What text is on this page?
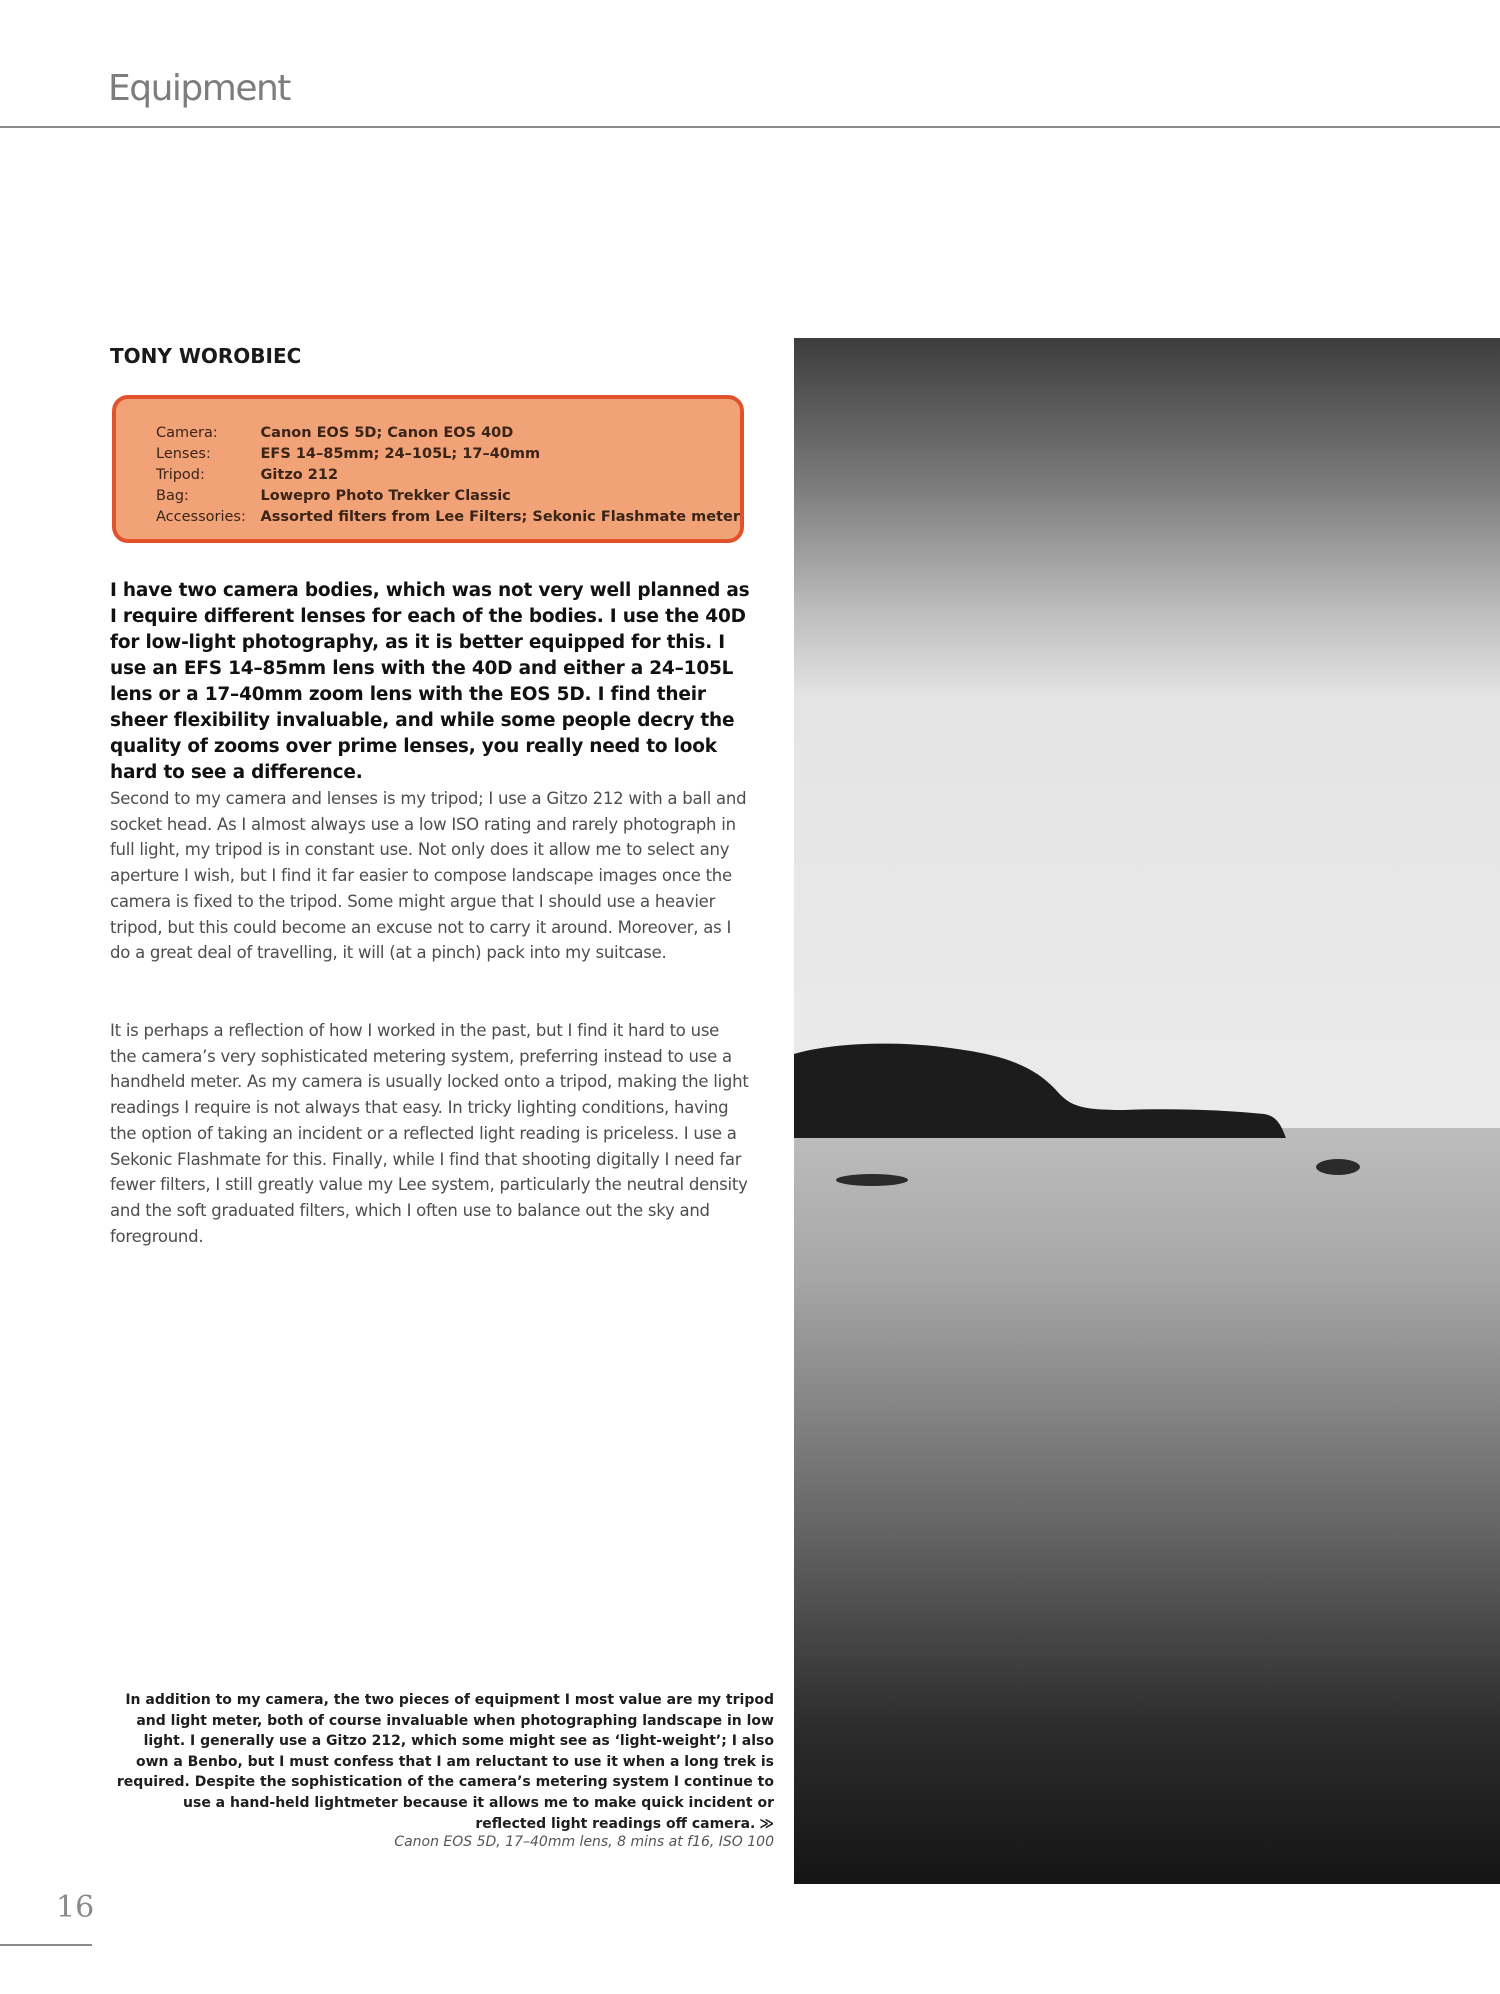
Equipment
TONY WOROBIEC
Camera:	Canon EOS 5D; Canon EOS 40D
Lenses:	EFS 14–85mm; 24–105L; 17–40mm
Tripod:	Gitzo 212
Bag:	Lowepro Photo Trekker Classic
Accessories:	Assorted filters from Lee Filters; Sekonic Flashmate meter

I have two camera bodies, which was not very well planned as I require different lenses for each of the bodies. I use the 40D for low-light photography, as it is better equipped for this. I use an EFS 14–85mm lens with the 40D and either a 24–105L lens or a 17–40mm zoom lens with the EOS 5D. I find their sheer flexibility invaluable, and while some people decry the quality of zooms over prime lenses, you really need to look hard to see a difference.

Second to my camera and lenses is my tripod; I use a Gitzo 212 with a ball and socket head. As I almost always use a low ISO rating and rarely photograph in full light, my tripod is in constant use. Not only does it allow me to select any aperture I wish, but I find it far easier to compose landscape images once the camera is fixed to the tripod. Some might argue that I should use a heavier tripod, but this could become an excuse not to carry it around. Moreover, as I do a great deal of travelling, it will (at a pinch) pack into my suitcase.

It is perhaps a reflection of how I worked in the past, but I find it hard to use the camera’s very sophisticated metering system, preferring instead to use a handheld meter. As my camera is usually locked onto a tripod, making the light readings I require is not always that easy. In tricky lighting conditions, having the option of taking an incident or a reflected light reading is priceless. I use a Sekonic Flashmate for this. Finally, while I find that shooting digitally I need far fewer filters, I still greatly value my Lee system, particularly the neutral density and the soft graduated filters, which I often use to balance out the sky and foreground.

In addition to my camera, the two pieces of equipment I most value are my tripod and light meter, both of course invaluable when photographing landscape in low light. I generally use a Gitzo 212, which some might see as ‘light-weight’; I also own a Benbo, but I must confess that I am reluctant to use it when a long trek is required. Despite the sophistication of the camera’s metering system I continue to use a hand-held lightmeter because it allows me to make quick incident or reflected light readings off camera. ≫

Canon EOS 5D, 17–40mm lens, 8 mins at f16, ISO 100

16
